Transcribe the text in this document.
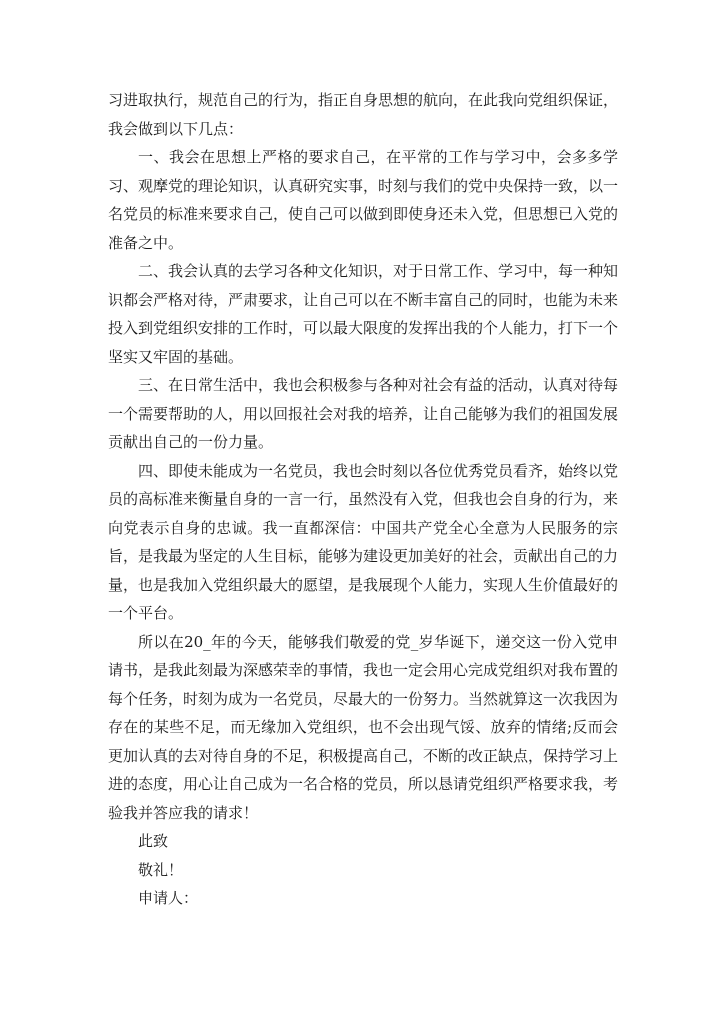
习进取执行，规范自己的行为，指正自身思想的航向，在此我向党组织保证，我会做到以下几点：

一、我会在思想上严格的要求自己，在平常的工作与学习中，会多多学习、观摩党的理论知识，认真研究实事，时刻与我们的党中央保持一致，以一名党员的标准来要求自己，使自己可以做到即使身还未入党，但思想已入党的准备之中。

二、我会认真的去学习各种文化知识，对于日常工作、学习中，每一种知识都会严格对待，严肃要求，让自己可以在不断丰富自己的同时，也能为未来投入到党组织安排的工作时，可以最大限度的发挥出我的个人能力，打下一个坚实又牢固的基础。

三、在日常生活中，我也会积极参与各种对社会有益的活动，认真对待每一个需要帮助的人，用以回报社会对我的培养，让自己能够为我们的祖国发展贡献出自己的一份力量。

四、即使未能成为一名党员，我也会时刻以各位优秀党员看齐，始终以党员的高标准来衡量自身的一言一行，虽然没有入党，但我也会自身的行为，来向党表示自身的忠诚。我一直都深信：中国共产党全心全意为人民服务的宗旨，是我最为坚定的人生目标，能够为建设更加美好的社会，贡献出自己的力量，也是我加入党组织最大的愿望，是我展现个人能力，实现人生价值最好的一个平台。

所以在20_年的今天，能够我们敬爱的党_岁华诞下，递交这一份入党申请书，是我此刻最为深感荣幸的事情，我也一定会用心完成党组织对我布置的每个任务，时刻为成为一名党员，尽最大的一份努力。当然就算这一次我因为存在的某些不足，而无缘加入党组织，也不会出现气馁、放弃的情绪;反而会更加认真的去对待自身的不足，积极提高自己，不断的改正缺点，保持学习上进的态度，用心让自己成为一名合格的党员，所以恳请党组织严格要求我，考验我并答应我的请求！

此致

敬礼！

申请人：
